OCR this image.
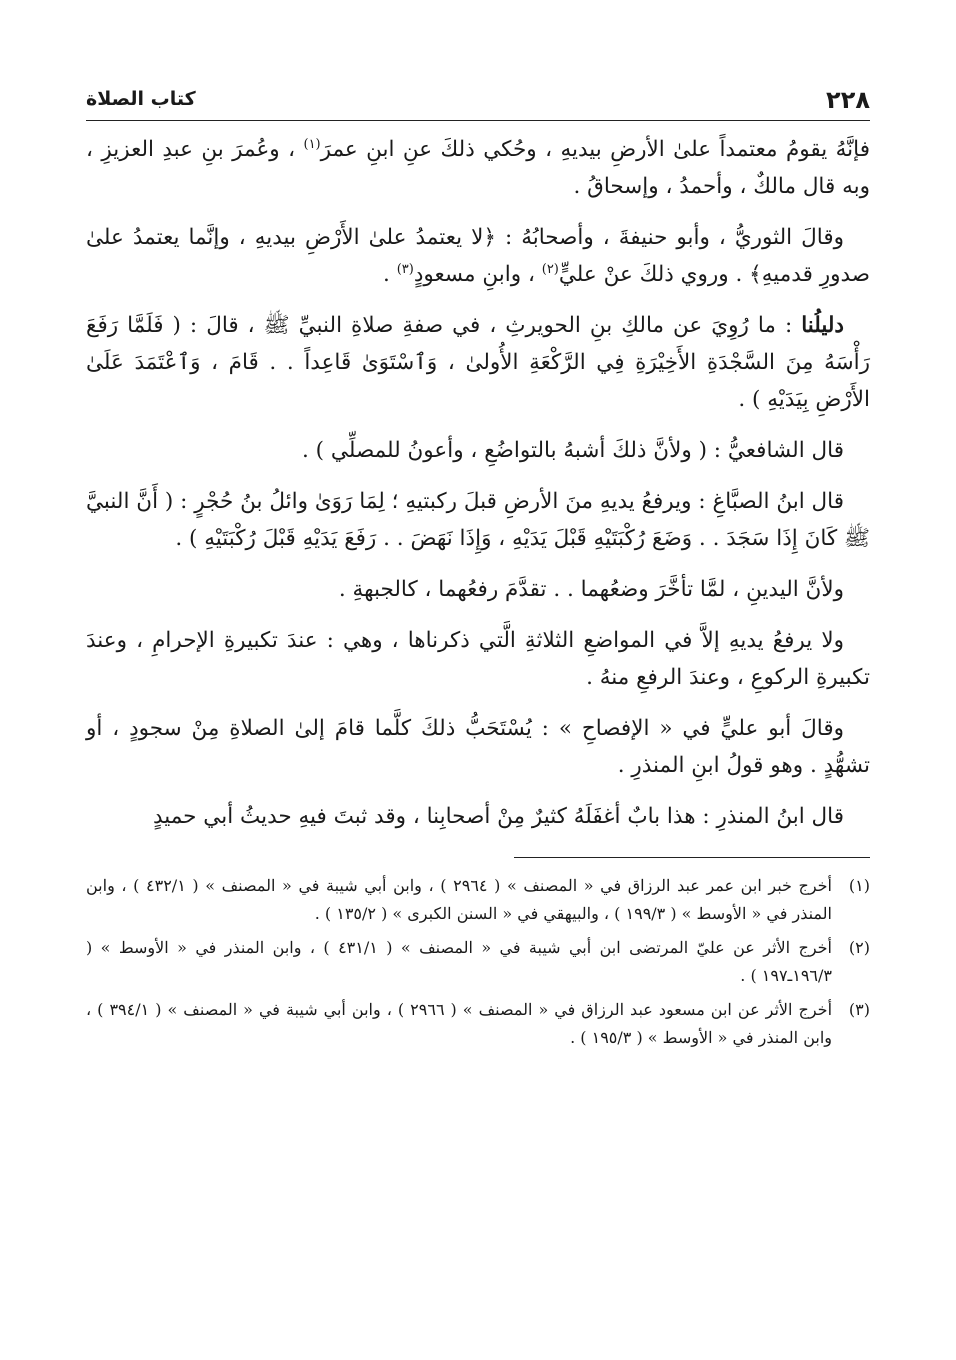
٢٢٨
كتاب الصلاة

فإنَّهُ يقومُ معتمداً علىٰ الأرضِ بيديهِ ، وحُكي ذلكَ عنِ ابنِ عمرَ$^{(١)}$ ، وعُمرَ بنِ عبدِ العزيزِ ، وبه قال مالكٌ ، وأحمدُ ، وإسحاقُ .

وقالَ الثوريُّ ، وأبو حنيفةَ ، وأصحابُهُ : ﴿لا يعتمدُ علىٰ الأَرْضِ بيديهِ ، وإنَّما يعتمدُ علىٰ صدورِ قدميهِ﴾ . وروي ذلكَ عنْ عليٍّ$^{(٢)}$ ، وابنِ مسعودٍ$^{(٣)}$ .

دليلُنا : ما رُوِيَ عن مالكِ بنِ الحويرثِ ، في صفةِ صلاةِ النبيِّ ﷺ ، قالَ : ( فَلَمَّا رَفَعَ رَأْسَهُ مِنَ السَّجْدَةِ الأَخِيْرَةِ فِي الرَّكْعَةِ الأُولىٰ ، وَٱسْتَوَىٰ قَاعِداً . . قَامَ ، وَٱعْتَمَدَ عَلَىٰ الأَرْضِ بِيَدَيْهِ ) .

قال الشافعيُّ : ( ولأنَّ ذلكَ أشبهُ بالتواضُعِ ، وأعونُ للمصلِّي ) .

قال ابنُ الصبَّاغِ : ويرفعُ يديهِ منَ الأرضِ قبلَ ركبتيهِ ؛ لِمَا رَوَىٰ وائلُ بنُ حُجْرٍ : ( أَنَّ النبيَّ ﷺ كَانَ إِذَا سَجَدَ . . وَضَعَ رُكْبَتَيْهِ قَبْلَ يَدَيْهِ ، وَإِذَا نَهَضَ . . رَفَعَ يَدَيْهِ قَبْلَ رُكْبَتَيْهِ ) .

ولأنَّ اليدينِ ، لمَّا تأخَّرَ وضعُهما . . تقدَّمَ رفعُهما ، كالجبهةِ .

ولا يرفعُ يديهِ إلاَّ في المواضعِ الثلاثةِ الَّتي ذكرناها ، وهي : عندَ تكبيرةِ الإحرامِ ، وعندَ تكبيرةِ الركوعِ ، وعندَ الرفعِ منهُ .

وقالَ أبو عليٍّ في « الإفصاحِ » : يُسْتَحَبُّ ذلكَ كلَّما قامَ إلىٰ الصلاةِ مِنْ سجودٍ ، أو تشهُّدٍ . وهو قولُ ابنِ المنذرِ .

قال ابنُ المنذرِ : هذا بابٌ أغفَلَهُ كثيرٌ مِنْ أصحابِنا ، وقد ثبتَ فيهِ حديثُ أبي حميدٍ

(١)
أخرج خبر ابن عمر عبد الرزاق في « المصنف » ( ٢٩٦٤ ) ، وابن أبي شيبة في « المصنف » ( ٤٣٢/١ ) ، وابن المنذر في « الأوسط » ( ١٩٩/٣ ) ، والبيهقي في « السنن الكبرى » ( ١٣٥/٢ ) .
(٢)
أخرج الأثر عن عليّ المرتضى ابن أبي شيبة في « المصنف » ( ٤٣١/١ ) ، وابن المنذر في « الأوسط » ( ١٩٦/٣ـ١٩٧ ) .
(٣)
أخرج الأثر عن ابن مسعود عبد الرزاق في « المصنف » ( ٢٩٦٦ ) ، وابن أبي شيبة في « المصنف » ( ٣٩٤/١ ) ، وابن المنذر في « الأوسط » ( ١٩٥/٣ ) .
